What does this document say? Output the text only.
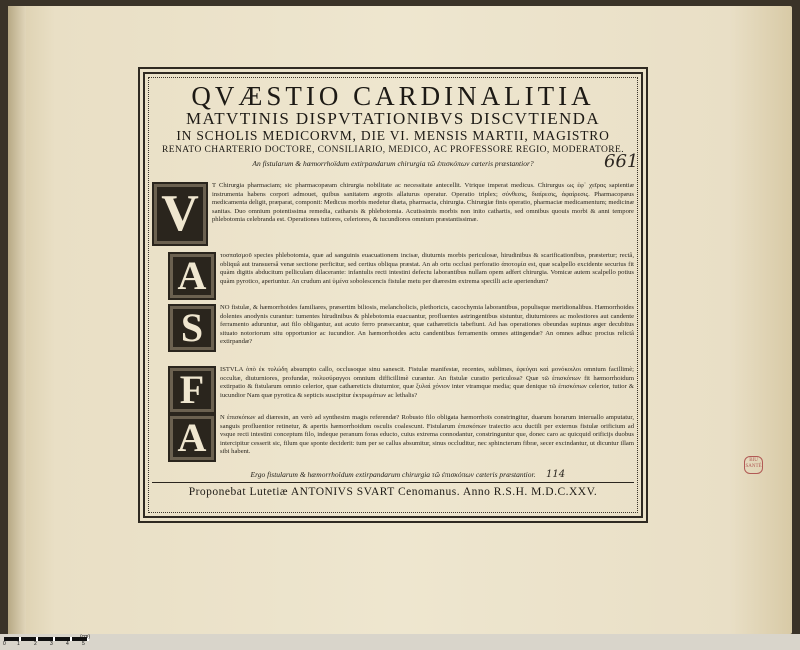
QVÆSTIO CARDINALITIA

MATVTINIS DISPVTATIONIBVS DISCVTIENDA

IN SCHOLIS MEDICORVM, DIE VI. MENSIS MARTII, MAGISTRO

RENATO CHARTERIO DOCTORE, CONSILIARIO, MEDICO, AC PROFESSORE REGIO, MODERATORE.

An fistularum & hæmorrhoïdum extirpandarum chirurgia τῶ ἐπισκόπων cæteris præstantior?

V	T Chirurgia pharmaciam; sic pharmacopæam chirurgia nobilitate ac necessitate antecellit. Vtrique imperat medicus. Chirurgus ως ἐφ᾽ χεῖρας sapientiæ instrumenta habens corpori admouet, quibus sanitatem ægrotis allaturus operatur. Operatio triplex; σύνθεσις, διαίρεσις, ἀφαίρεσις. Pharmacopæus medicamenta deligit, præparat, componit: Medicus morbis medetur diæta, pharmacia, chirurgia. Chirurgiæ finis operatio, pharmaciæ medicamentum; medicinæ sanitas. Duo omnium potentissima remedia, catharsis & phlebotomia. Acutissimis morbis non inito cathartis, sed omnibus quouis morbi & anni tempore phlebotomia celebranda est. Operationes tutiores, celeriores, & iucundiores omnium præstantissimæ.
A	τοσπαϊσμοῦ species phlebotomia, quæ ad sanguinis euacuationem incisæ, diuturnis morbis periculosæ, hirudinibus & scarificationibus, præstertur; rectâ, obliquâ aut transuersâ venæ sectione perficitur, sed certius obliqua præstat. An ab ortu occlusi perforatio ἀποτομία est, quæ scalpello excidente securius fit quàm digitis abducitum pelliculam dilacerante: infantulis recti intestini defectu laborantibus nullam opem adfert chirurgia. Vomicæ autem scalpello potius quàm pyrotico, aperiuntur. An crudum ani ὑμένα sobolescencis fistulæ metu per diæresim extrema specilli acie aperiendum?
S	NO fistulæ, & hæmorrhoides familiares, præsertim biliosis, melancholicis, plethoricis, cacochymia laborantibus, populisque meridionalibus. Hæmorrhoides dolentes anodynis curantur: tumentes hirudinibus & phlebotomia euacuantur, profluentes astringentibus sistuntur, diuturniores ac molestiores aut candente ferramento aduruntur, aut filo obligantur, aut acuto ferro præsecantur, quæ cathæreticis tabefiunt. Ad has operationes obeundas supinus æger decubitus situato notoriorum situ opportunior ac iucundior. An hæmorrhoides actu candentibus ferramentis omnes attingendæ? An omnes adhuc procius relictâ extirpandæ?
F	ISTVLA ὁπὸ ἐκ τυλώδη absumpto callo, occlusoque sinu sanescit. Fistulæ manifestæ, recentes, sublimes, ἐφεύγαι καὶ μονόκοιλοι omnium facillimè; occultæ, diuturniores, profundæ, πολυσύραγγοι omnium difficillimè curantur. An fistulæ curatio periculosa? Quæ τῶ ἐπισκόπων fit hæmorrhoidum extirpatio & fistularum omnio celerior, quæ cathæreticis diuturnior, quæ ξυλαὶ χόνιον inter vtramque media; quæ denique τῶ ἐπισκόπων celerior, tutior & iucundior Nam quæ pyrotica & septicis suscipitur ἐκτρωμάτων ac lethalis?
A	N ἐπισκόπων ad diæresin, an verò ad synthesim magis referendæ? Robusto filo obligata hæmorrhoïs constringitur, duarum horarum interuallo amputatur, sanguis profluentior retinetur, & apertis hæmorrhoidum osculis coalescunt. Fistularum ἐπισκόπων traiectio acu ductili per externus fistulæ orificium ad vsque recti intestini conceptum filo, indeque peranum foras educto, cuius extrema connodantur, constringuntur que, donec caro ac quicquid orificijs duobus intercipitur cesserit sic, filum que sponte deciderit: tum per se callus absumitur, sinus occluditur, nec sphincterum fibræ, secer excindantur, ut dicuntur illam sibi habent.
Ergo fistularum & hæmorrhoïdum extirpandarum chirurgia τῶ ἐπισκόπων cæteris præstantior.
Proponebat Lutetiæ ANTONIVS SVART Cenomanus. Anno R.S.H. M.D.C.XXV.
661
114
BIU
SANTÉ
0 1	2	3	4	5
(cm)
